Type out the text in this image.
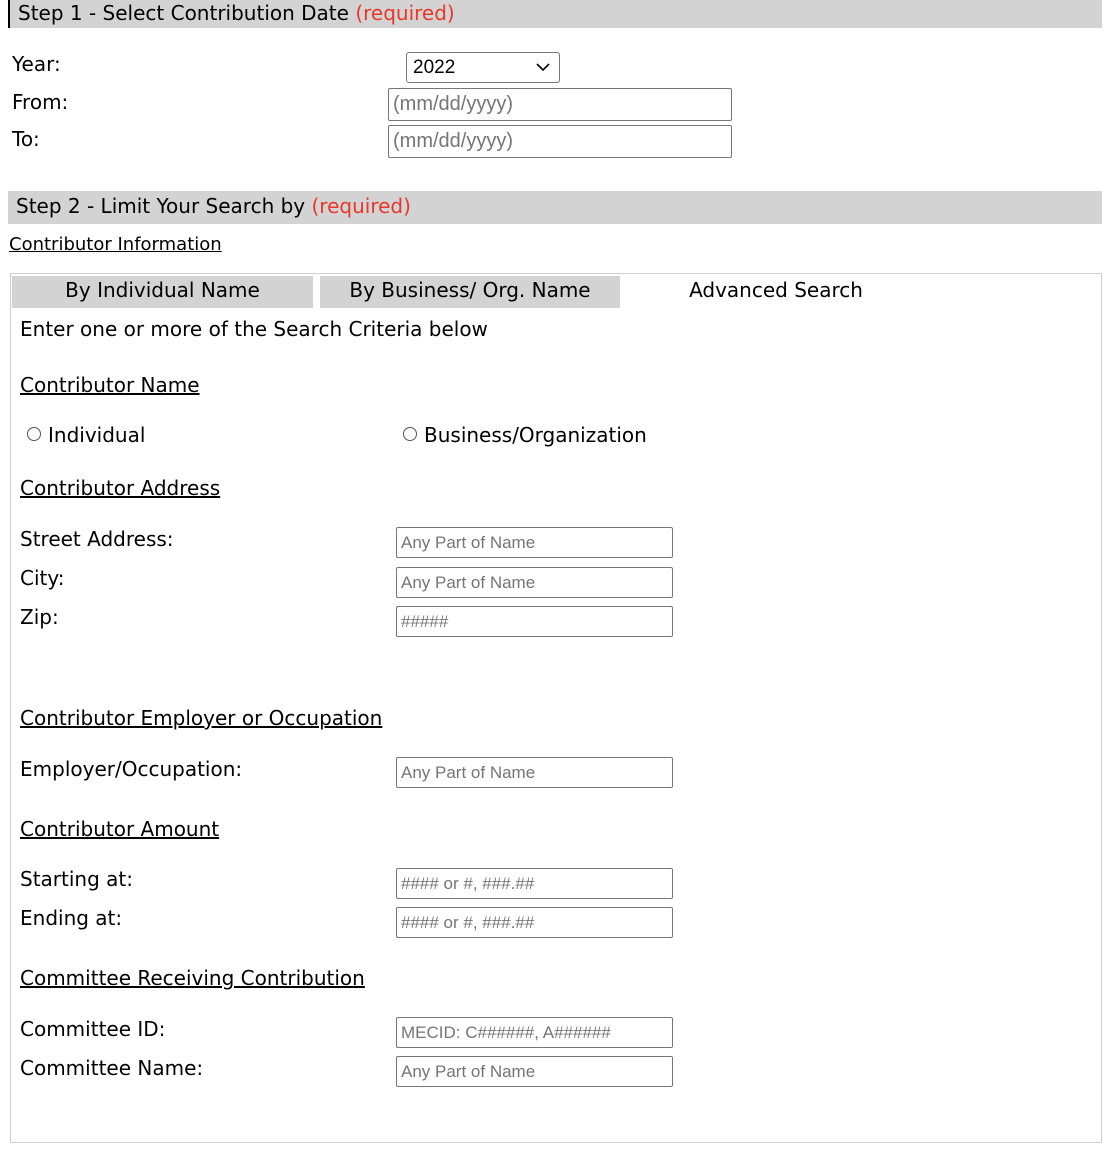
Step 1 - Select Contribution Date (required)
Year:	2022
From:
(mm/dd/yyyy)
To:
(mm/dd/yyyy)
Step 2 - Limit Your Search by (required)
Contributor Information
By Individual Name	By Business/ Org. Name	Advanced Search
Enter one or more of the Search Criteria below
Contributor Name
Individual	Business/Organization
Contributor Address
Street Address:
Any Part of Name
City:
Any Part of Name
Zip:
#####
Contributor Employer or Occupation
Employer/Occupation:
Any Part of Name
Contributor Amount
Starting at:
#### or #, ###.##
Ending at:
#### or #, ###.##
Committee Receiving Contribution
Committee ID:
MECID: C######, A######
Committee Name:
Any Part of Name
